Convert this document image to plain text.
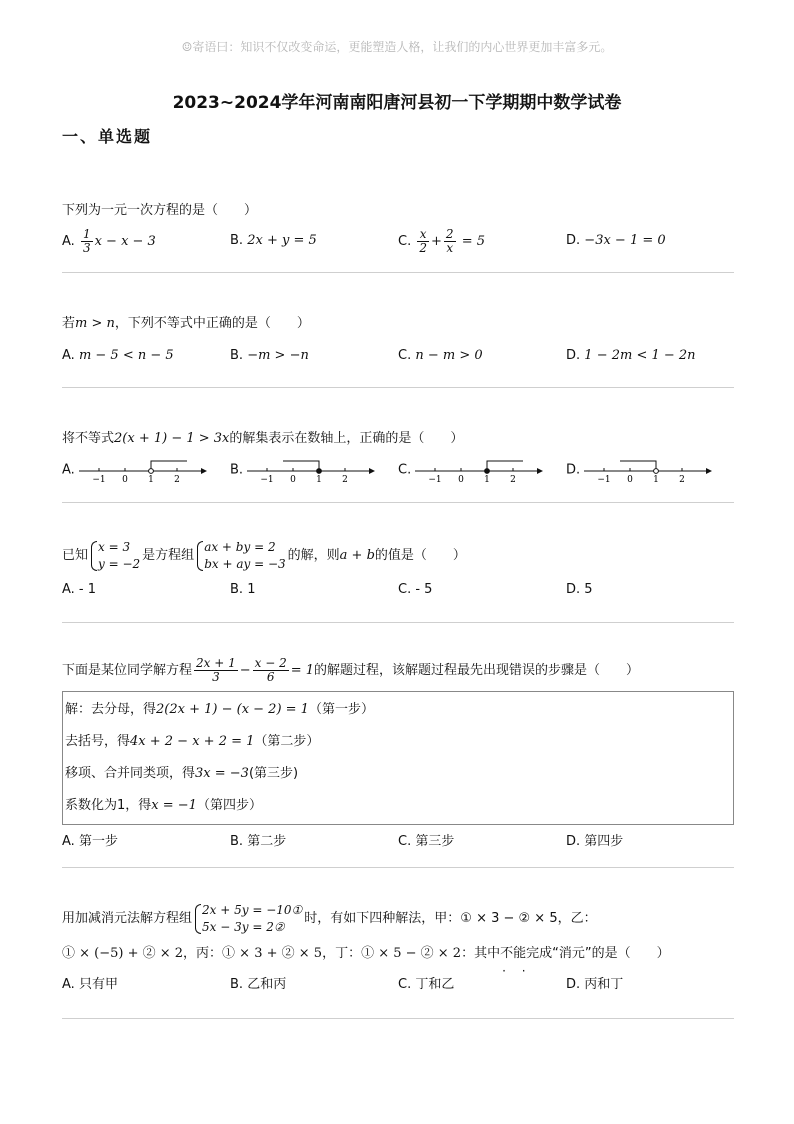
☺寄语曰：知识不仅改变命运，更能塑造人格，让我们的内心世界更加丰富多元。
2023~2024学年河南南阳唐河县初一下学期期中数学试卷
一、单选题
下列为一元一次方程的是（　　）
A. $\frac{1}{3}$ x − x − 3	B. 2x + y = 5	C. $\frac{x}{2} + \frac{2}{x} = 5$	D. −3x − 1 = 0
若m > n，下列不等式中正确的是（　　）
A. m − 5 < n − 5	B. −m > −n	C. n − m > 0	D. 1 − 2m < 1 − 2n
将不等式2(x + 1) − 1 > 3x的解集表示在数轴上，正确的是（　　）
A.
−1 0 1 2
B.
−1 0 1 2
C.
−1 0 1 2
D.
−1 0 1 2
已知
x = 3
y = −2
是方程组
ax + by = 2
bx + ay = −3
的解，则a + b的值是（　　）
A. - 1	B. 1	C. - 5	D. 5
下面是某位同学解方程 $\frac{2x + 1}{3} - \frac{x - 2}{6} = 1$的解题过程，该解题过程最先出现错误的步骤是（　　）
解：去分母，得2(2x + 1) − (x − 2) = 1（第一步）
去括号，得4x + 2 − x + 2 = 1（第二步）
移项、合并同类项，得3x = −3(第三步)
系数化为1，得x = −1（第四步）
A. 第一步	B. 第二步	C. 第三步	D. 第四步
用加减消元法解方程组
2x + 5y = −10①
5x − 3y = 2②
时，有如下四种解法，甲：① × 3 − ② × 5，乙：
① × (−5) + ② × 2，丙：① × 3 + ② × 5，丁：① × 5 − ② × 2：其中不能 · ·完成“消元”的是（　　）
A. 只有甲	B. 乙和丙	C. 丁和乙	D. 丙和丁
